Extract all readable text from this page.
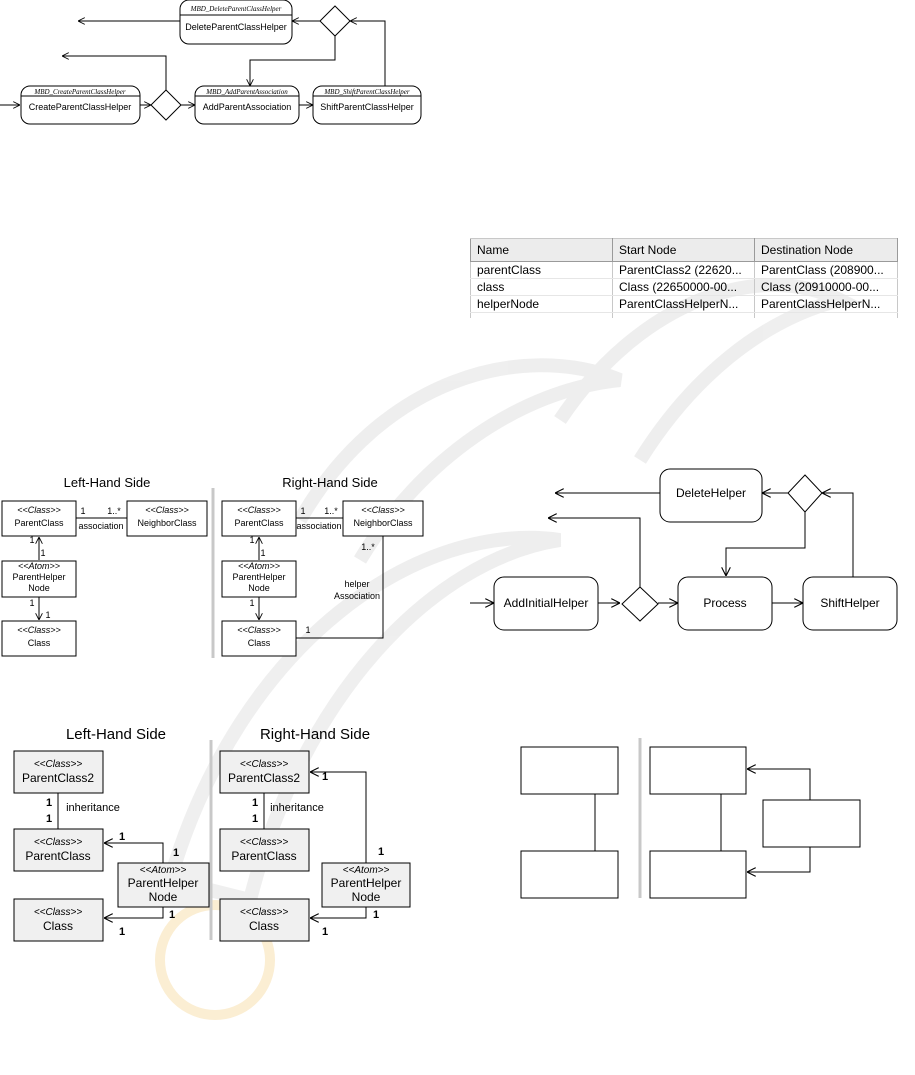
MBD_DeleteParentClassHelper
MBD_CreateParentClassHelper	MBD_AddParentAssociation	MBD_ShiftParentClassHelper
DeleteParentClassHelper
CreateParentClassHelper	AddParentAssociation	ShiftParentClassHelper
Left-Hand Side	Right-Hand Side
<<Class>>
ParentClass
<<Class>>
NeighborClass
<<Atom>>
ParentHelper
Node
<<Class>>
Class
association
1 1..*
1
1
1
1
<<Class>>
ParentClass
<<Class>>
NeighborClass
<<Atom>>
ParentHelper
Node
<<Class>>
Class
association
1 1..*
1
1
1
1..*
helper
Association
1
DeleteHelper
AddInitialHelper	Process	ShiftHelper
Left-Hand Side	Right-Hand Side
<<Class>>
<<Class>>
<<Atom>>
<<Class>>
<<Class>>
<<Class>>
<<Atom>>
<<Class>>
ParentClass2
ParentClass
ParentHelper
Node
Class
ParentClass2
ParentClass
ParentHelper
Node
Class
inheritance	inheritance
1
1
1
1
1
1
1
1
1
1
1
1
Name	Start Node	Destination Node
parentClass	ParentClass2 (22620...	ParentClass (208900...
class	Class (22650000-00...	Class (20910000-00...
helperNode	ParentClassHelperN...	ParentClassHelperN...
